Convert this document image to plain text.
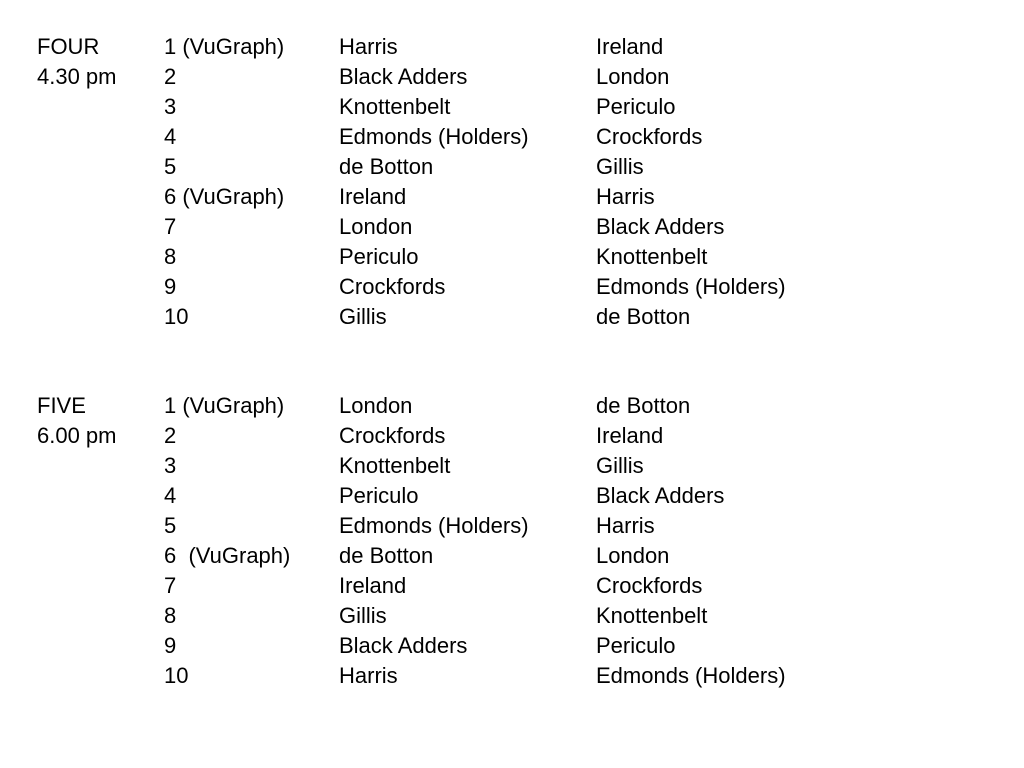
FOUR
4.30 pm
1 (VuGraph) Harris	Ireland
2	Black Adders	London
3	Knottenbelt	Periculo
4	Edmonds (Holders)	Crockfords
5	de Botton	Gillis
6 (VuGraph) Ireland	Harris
7	London	Black Adders
8	Periculo	Knottenbelt
9	Crockfords	Edmonds (Holders)
10	Gillis	de Botton
FIVE
6.00 pm
1 (VuGraph) London	de Botton
2	Crockfords	Ireland
3	Knottenbelt	Gillis
4	Periculo	Black Adders
5	Edmonds (Holders)	Harris
6  (VuGraph) de Botton	London
7	Ireland	Crockfords
8	Gillis	Knottenbelt
9	Black Adders	Periculo
10	Harris	Edmonds (Holders)
